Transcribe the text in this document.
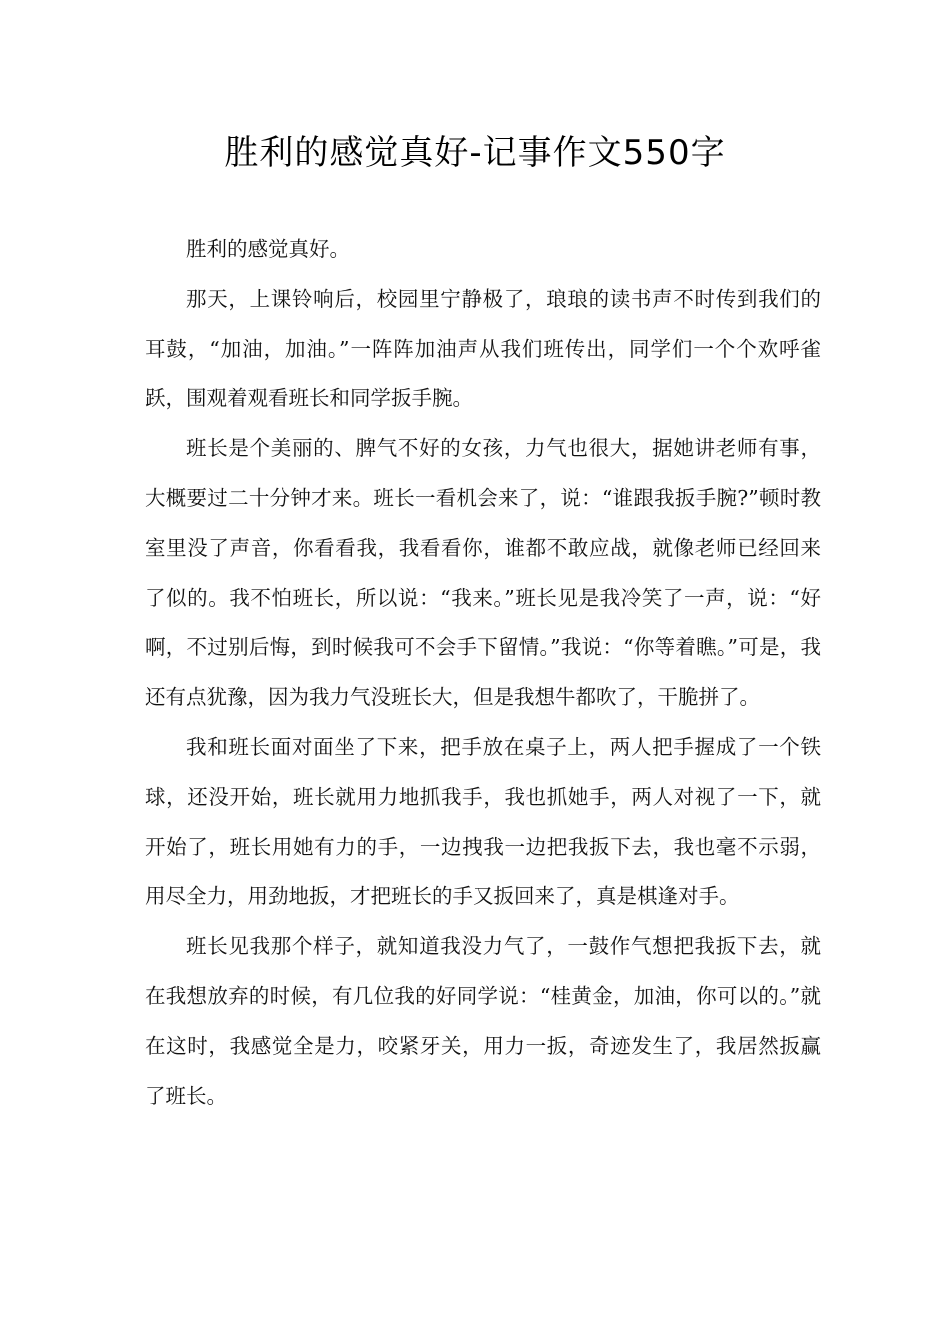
胜利的感觉真好-记事作文550字

胜利的感觉真好。

那天，上课铃响后，校园里宁静极了，琅琅的读书声不时传到我们的耳鼓，“加油，加油。”一阵阵加油声从我们班传出，同学们一个个欢呼雀跃，围观着观看班长和同学扳手腕。

班长是个美丽的、脾气不好的女孩，力气也很大，据她讲老师有事，大概要过二十分钟才来。班长一看机会来了，说：“谁跟我扳手腕?”顿时教室里没了声音，你看看我，我看看你，谁都不敢应战，就像老师已经回来了似的。我不怕班长，所以说：“我来。”班长见是我冷笑了一声，说：“好啊，不过别后悔，到时候我可不会手下留情。”我说：“你等着瞧。”可是，我还有点犹豫，因为我力气没班长大，但是我想牛都吹了，干脆拼了。

我和班长面对面坐了下来，把手放在桌子上，两人把手握成了一个铁球，还没开始，班长就用力地抓我手，我也抓她手，两人对视了一下，就开始了，班长用她有力的手，一边拽我一边把我扳下去，我也毫不示弱，用尽全力，用劲地扳，才把班长的手又扳回来了，真是棋逢对手。

班长见我那个样子，就知道我没力气了，一鼓作气想把我扳下去，就在我想放弃的时候，有几位我的好同学说：“桂黄金，加油，你可以的。”就在这时，我感觉全是力，咬紧牙关，用力一扳，奇迹发生了，我居然扳赢了班长。
